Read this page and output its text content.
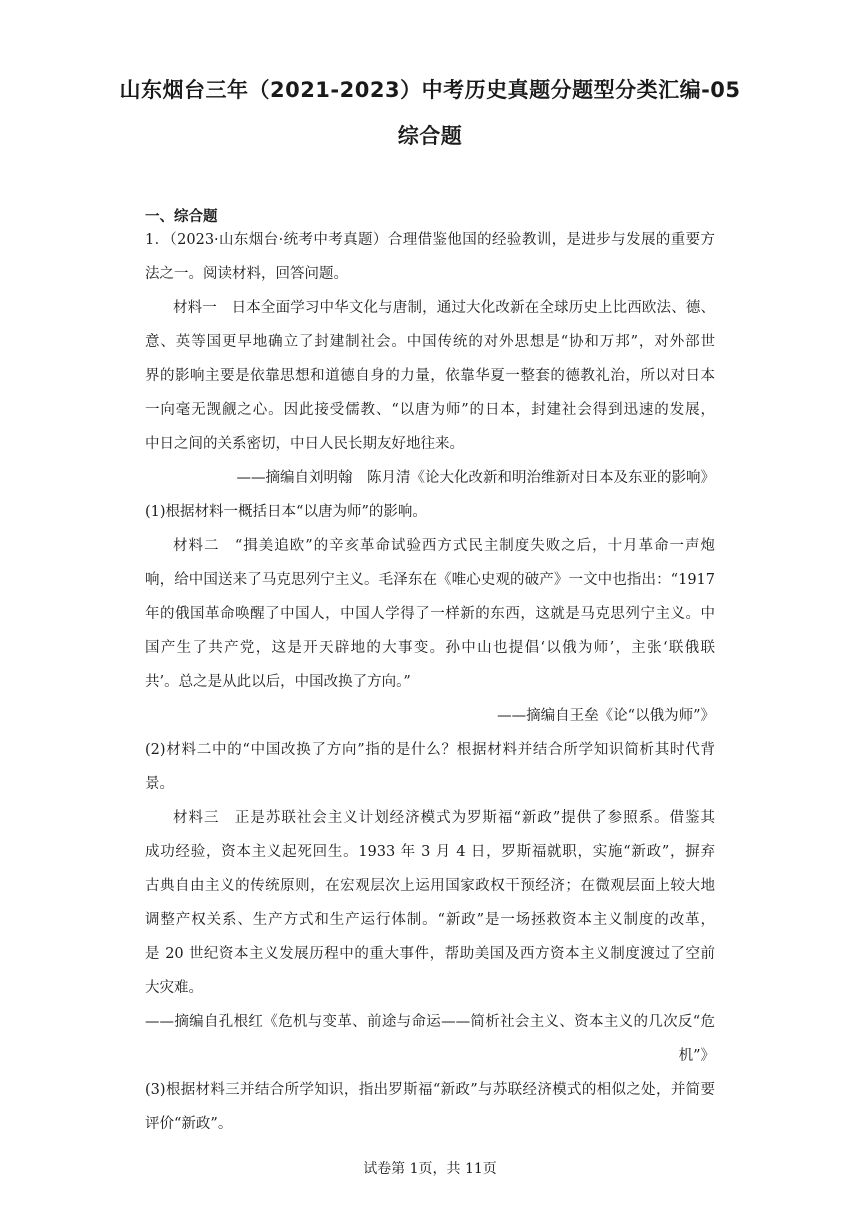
山东烟台三年（2021-2023）中考历史真题分题型分类汇编-05
综合题
一、综合题
1．（2023·山东烟台·统考中考真题）合理借鉴他国的经验教训，是进步与发展的重要方
法之一。阅读材料，回答问题。
材料一　日本全面学习中华文化与唐制，通过大化改新在全球历史上比西欧法、德、
意、英等国更早地确立了封建制社会。中国传统的对外思想是“协和万邦”，对外部世
界的影响主要是依靠思想和道德自身的力量，依靠华夏一整套的德教礼治，所以对日本
一向毫无觊觎之心。因此接受儒教、“以唐为师”的日本，封建社会得到迅速的发展，
中日之间的关系密切，中日人民长期友好地往来。
——摘编自刘明翰　陈月清《论大化改新和明治维新对日本及东亚的影响》
(1)根据材料一概括日本“以唐为师”的影响。
材料二　“揖美追欧”的辛亥革命试验西方式民主制度失败之后，十月革命一声炮
响，给中国送来了马克思列宁主义。毛泽东在《唯心史观的破产》一文中也指出：“1917
年的俄国革命唤醒了中国人，中国人学得了一样新的东西，这就是马克思列宁主义。中
国产生了共产党，这是开天辟地的大事变。孙中山也提倡‘以俄为师’，主张‘联俄联
共’。总之是从此以后，中国改换了方向。”
——摘编自王垒《论“以俄为师”》
(2)材料二中的“中国改换了方向”指的是什么？根据材料并结合所学知识简析其时代背
景。
材料三　正是苏联社会主义计划经济模式为罗斯福“新政”提供了参照系。借鉴其
成功经验，资本主义起死回生。1933 年 3 月 4 日，罗斯福就职，实施“新政”，摒弃
古典自由主义的传统原则，在宏观层次上运用国家政权干预经济；在微观层面上较大地
调整产权关系、生产方式和生产运行体制。“新政”是一场拯救资本主义制度的改革，
是 20 世纪资本主义发展历程中的重大事件，帮助美国及西方资本主义制度渡过了空前
大灾难。
——摘编自孔根红《危机与变革、前途与命运——简析社会主义、资本主义的几次反“危
机”》
(3)根据材料三并结合所学知识，指出罗斯福“新政”与苏联经济模式的相似之处，并简要
评价“新政”。
试卷第 1页，共 11页
